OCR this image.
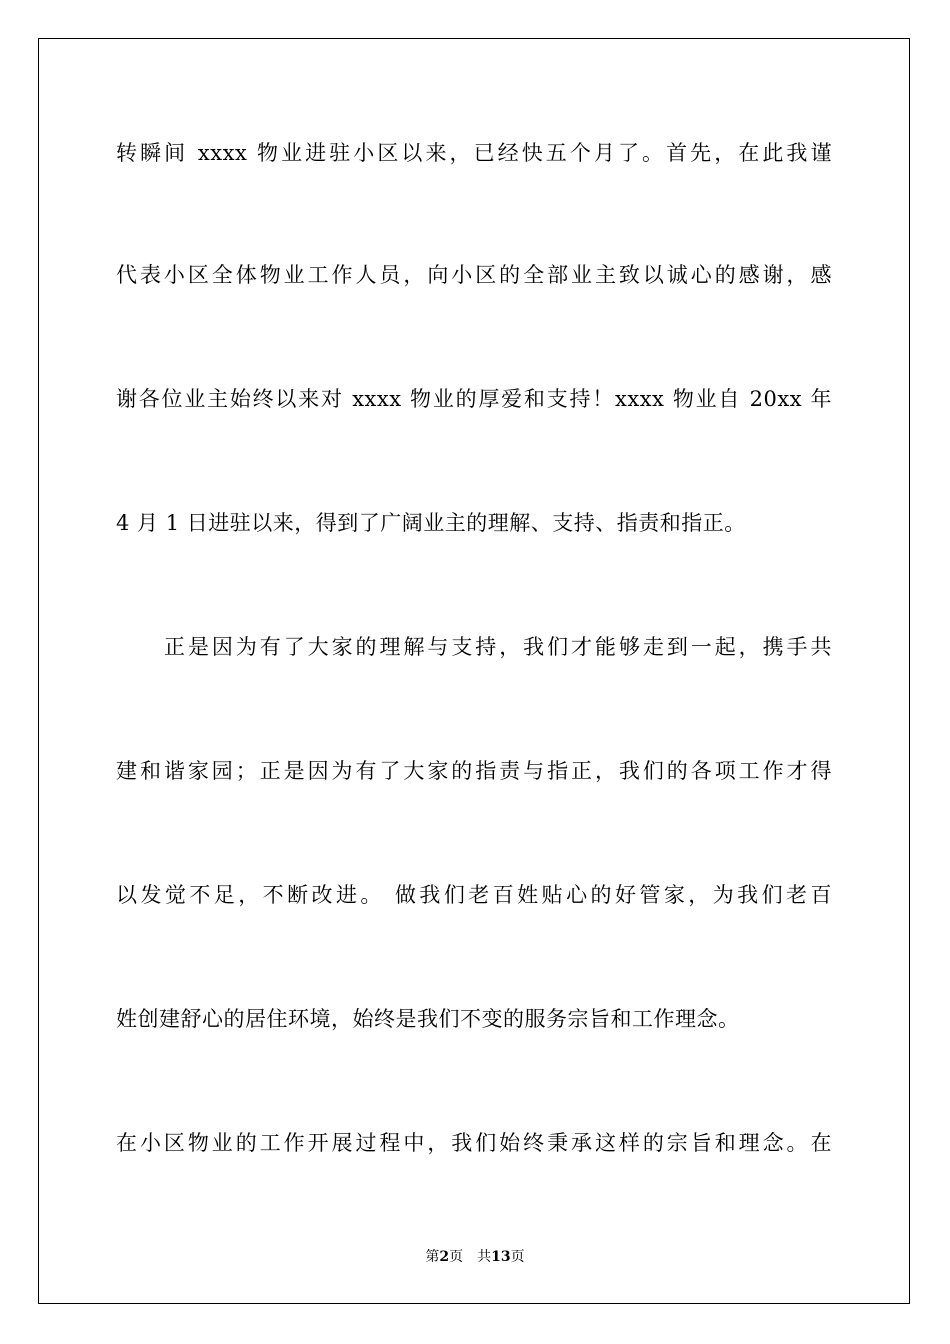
转瞬间 xxxx 物业进驻小区以来，已经快五个月了。首先，在此我谨
代表小区全体物业工作人员，向小区的全部业主致以诚心的感谢，感
谢各位业主始终以来对 xxxx 物业的厚爱和支持！xxxx 物业自 20xx 年
4 月 1 日进驻以来，得到了广阔业主的理解、支持、指责和指正。
正是因为有了大家的理解与支持，我们才能够走到一起，携手共
建和谐家园；正是因为有了大家的指责与指正，我们的各项工作才得
以发觉不足，不断改进。 做我们老百姓贴心的好管家，为我们老百
姓创建舒心的居住环境，始终是我们不变的服务宗旨和工作理念。
在小区物业的工作开展过程中，我们始终秉承这样的宗旨和理念。在
第2页 共13页
